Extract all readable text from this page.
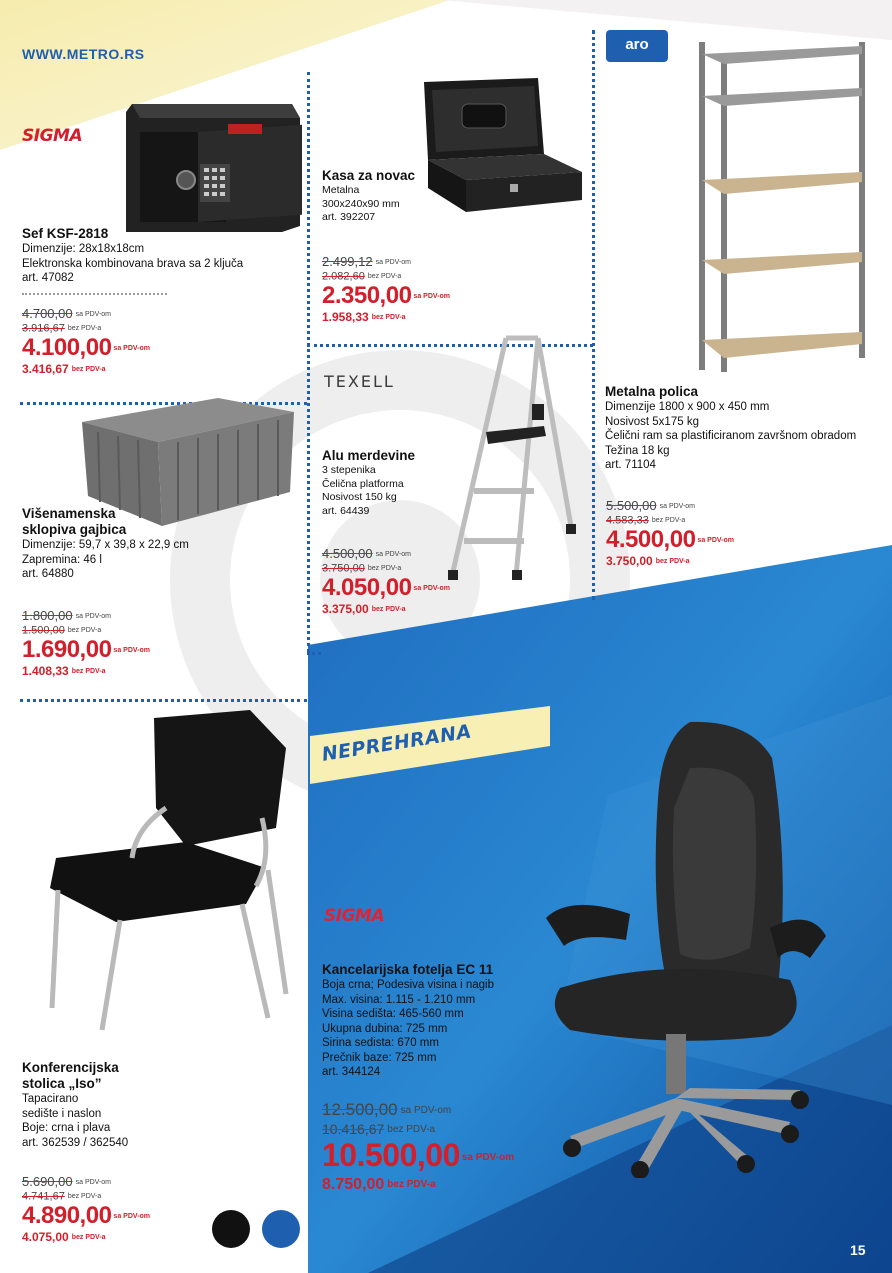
NEPREHRANA
WWW.METRO.RS
aro
SIGMA
Sef KSF-2818
Dimenzije: 28x18x18cm
Elektronska kombinovana brava sa 2 ključa
art. 47082
4.700,00 sa PDV-om
3.916,67 bez PDV-a
4.100,00 sa PDV-om
3.416,67 bez PDV-a
Kasa za novac
Metalna
300x240x90 mm
art. 392207
2.499,12 sa PDV-om
2.082,60 bez PDV-a
2.350,00 sa PDV-om
1.958,33 bez PDV-a
Metalna polica
Dimenzije 1800 x 900 x 450 mm
Nosivost 5x175 kg
Čelični ram sa plastificiranom završnom obradom
Težina 18 kg
art. 71104
5.500,00 sa PDV-om
4.583,33 bez PDV-a
4.500,00 sa PDV-om
3.750,00 bez PDV-a
Višenamenska
sklopiva gajbica
Dimenzije: 59,7 x 39,8 x 22,9 cm
Zapremina: 46 l
art. 64880
1.800,00 sa PDV-om
1.500,00 bez PDV-a
1.690,00 sa PDV-om
1.408,33 bez PDV-a
TEXELL
Alu merdevine
3 stepenika
Čelična platforma
Nosivost 150 kg
art. 64439
4.500,00 sa PDV-om
3.750,00 bez PDV-a
4.050,00 sa PDV-om
3.375,00 bez PDV-a
Konferencijska
stolica „Iso”
Tapacirano
sedište i naslon
Boje: crna i plava
art. 362539 / 362540
5.690,00 sa PDV-om
4.741,67 bez PDV-a
4.890,00 sa PDV-om
4.075,00 bez PDV-a
SIGMA
Kancelarijska fotelja EC 11
Boja crna; Podesiva visina i nagib
Max. visina: 1.115 - 1.210 mm
Visina sedišta: 465-560 mm
Ukupna dubina: 725 mm
Sirina sedista: 670 mm
Prečnik baze: 725 mm
art. 344124
12.500,00 sa PDV-om
10.416,67 bez PDV-a
10.500,00 sa PDV-om
8.750,00 bez PDV-a
15
